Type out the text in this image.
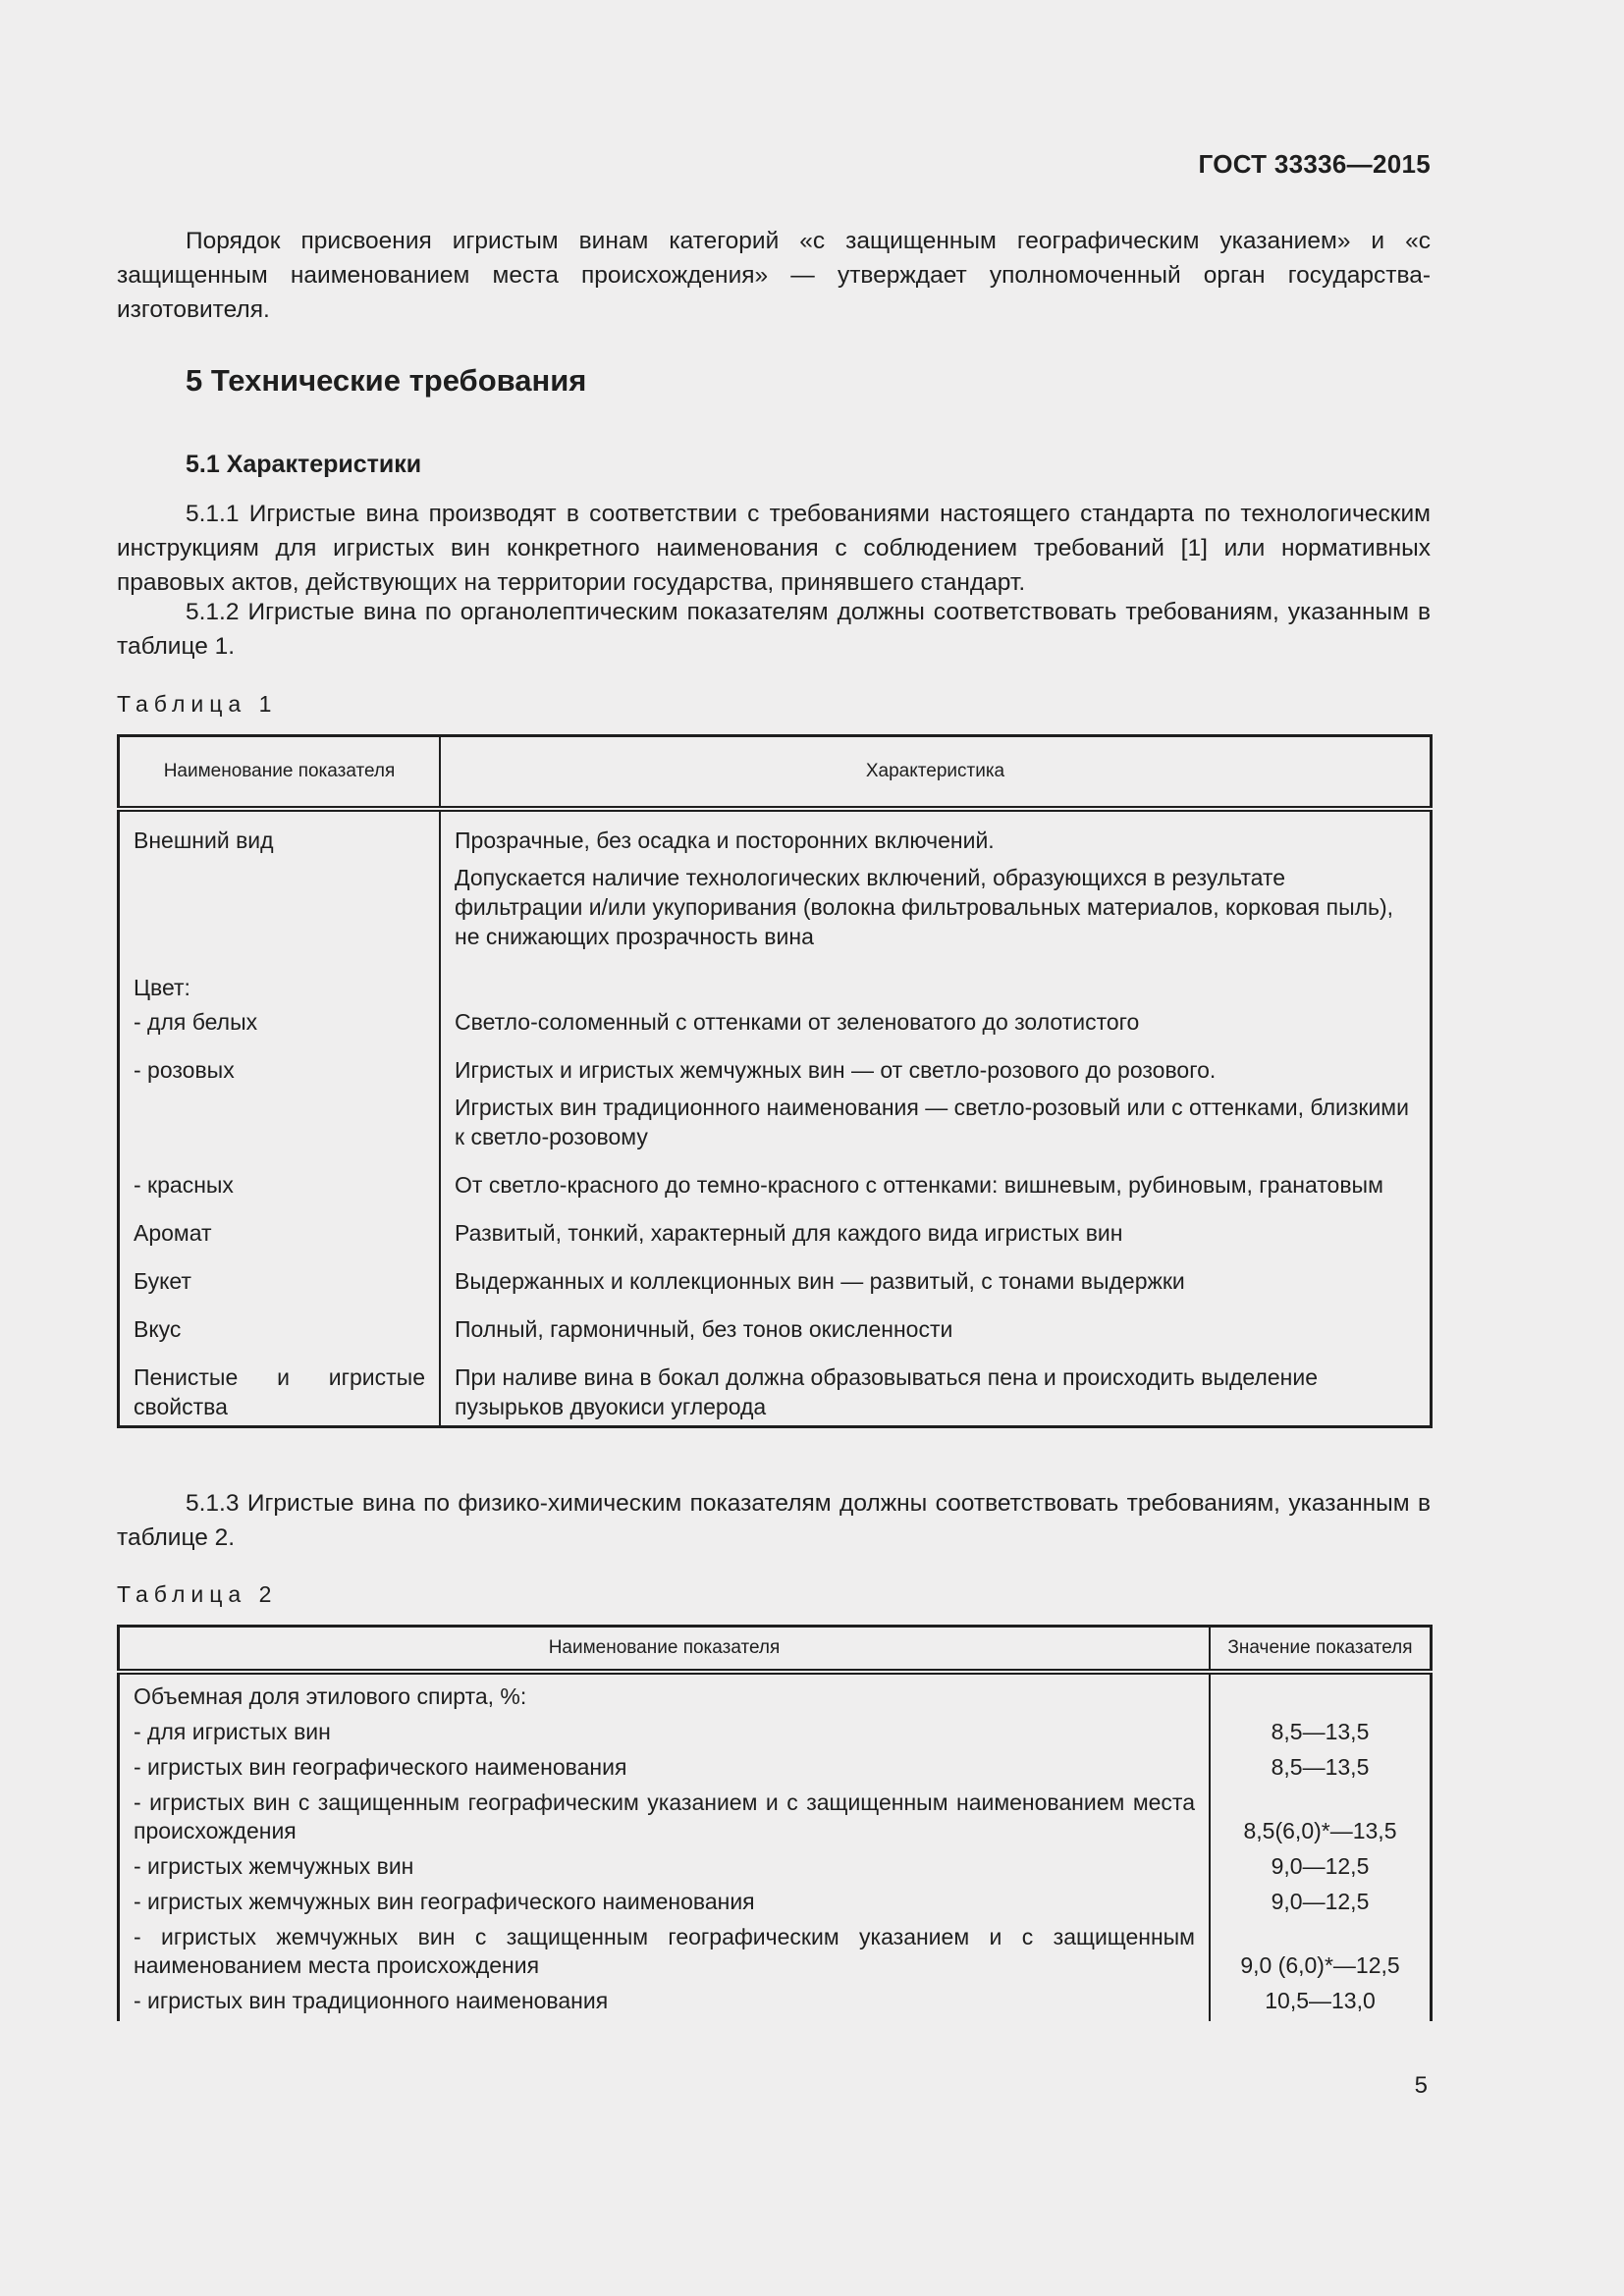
ГОСТ 33336—2015

Порядок присвоения игристым винам категорий «с защищенным географическим указанием» и «с защищенным наименованием места происхождения» — утверждает уполномоченный орган государства-изготовителя.

5 Технические требования
5.1 Характеристики

5.1.1 Игристые вина производят в соответствии с требованиями настоящего стандарта по технологическим инструкциям для игристых вин конкретного наименования с соблюдением требований [1] или нормативных правовых актов, действующих на территории государства, принявшего стандарт.

5.1.2 Игристые вина по органолептическим показателям должны соответствовать требованиям, указанным в таблице 1.

Таблица 1

Наименование показателя	Характеристика
Внешний вид	Прозрачные, без осадка и посторонних включений.

Допускается наличие технологических включений, образующихся в результате фильтрации и/или укупоривания (волокна фильтровальных материалов, корковая пыль), не снижающих прозрачность вина

Цвет:	
- для белых	Светло-соломенный с оттенками от зеленоватого до золотистого

- розовых	Игристых и игристых жемчужных вин — от светло-розового до розового.

Игристых вин традиционного наименования — светло-розовый или с оттенками, близкими к светло-розовому

- красных	От светло-красного до темно-красного с оттенками: вишневым, рубиновым, гранатовым

Аромат	Развитый, тонкий, характерный для каждого вида игристых вин

Букет	Выдержанных и коллекционных вин — развитый, с тонами выдержки

Вкус	Полный, гармоничный, без тонов окисленности

Пенистые и игристые свойства	При наливе вина в бокал должна образовываться пена и происходить выделение пузырьков двуокиси углерода

5.1.3 Игристые вина по физико-химическим показателям должны соответствовать требованиям, указанным в таблице 2.

Таблица 2

Наименование показателя	Значение показателя
Объемная доля этилового спирта, %:	
- для игристых вин	8,5—13,5
- игристых вин географического наименования	8,5—13,5
- игристых вин с защищенным географическим указанием и с защищенным наименованием места происхождения	8,5(6,0)*—13,5
- игристых жемчужных вин	9,0—12,5
- игристых жемчужных вин географического наименования	9,0—12,5
- игристых жемчужных вин с защищенным географическим указанием и с защищенным наименованием места происхождения	9,0 (6,0)*—12,5
- игристых вин традиционного наименования	10,5—13,0
5
